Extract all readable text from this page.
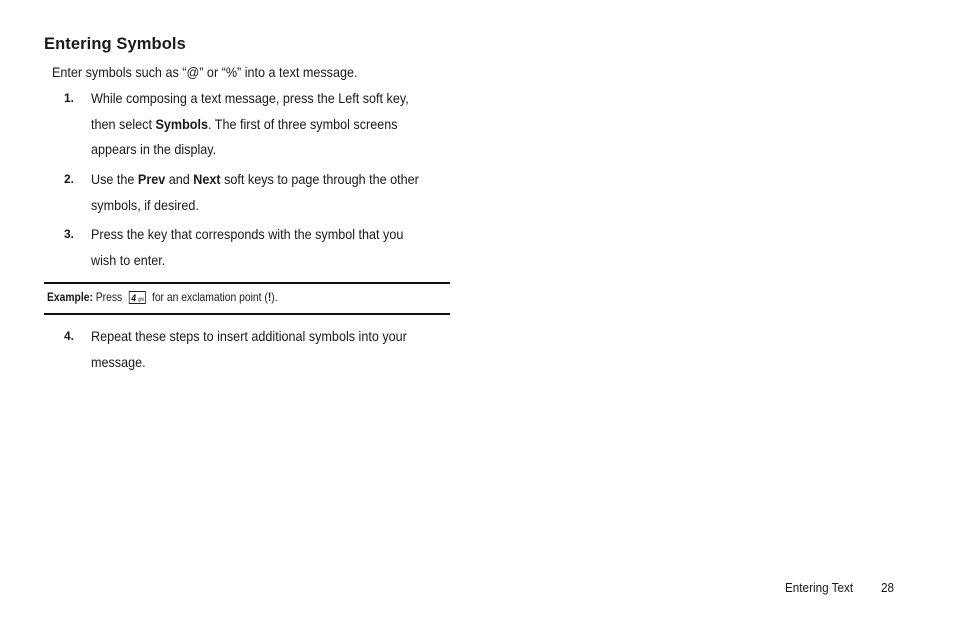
Entering Symbols
Enter symbols such as “@” or “%” into a text message.
1. While composing a text message, press the Left soft key,
then select Symbols. The first of three symbol screens
appears in the display.
2. Use the Prev and Next soft keys to page through the other
symbols, if desired.
3. Press the key that corresponds with the symbol that you
wish to enter.
Example: Press 4 ghi for an exclamation point (!).
4. Repeat these steps to insert additional symbols into your
message.
Entering Text 28
